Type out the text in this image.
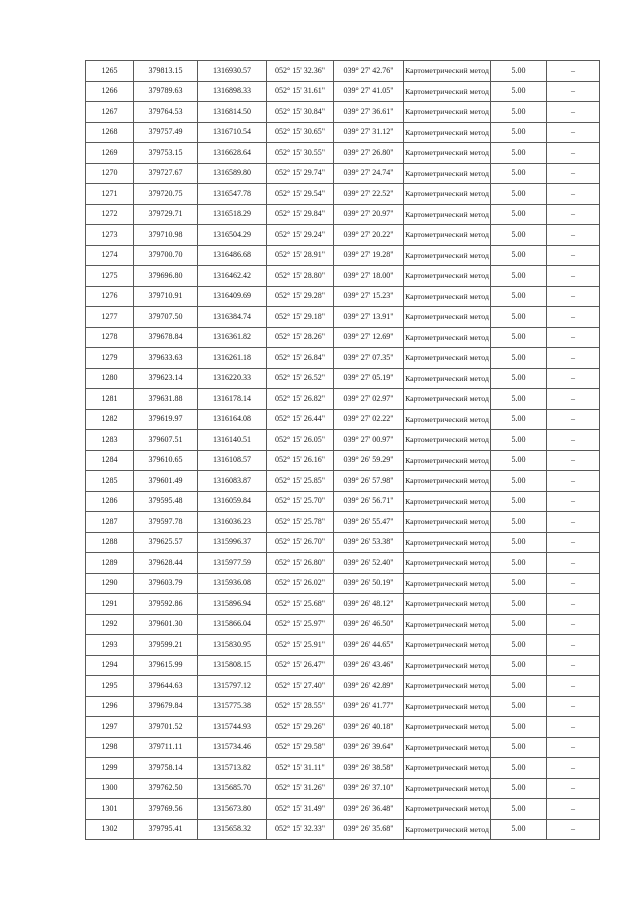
1265	379813.15	1316930.57	052° 15' 32.36"	039° 27' 42.76"	Картометрический метод	5.00	–
1266	379789.63	1316898.33	052° 15' 31.61"	039° 27' 41.05"	Картометрический метод	5.00	–
1267	379764.53	1316814.50	052° 15' 30.84"	039° 27' 36.61"	Картометрический метод	5.00	–
1268	379757.49	1316710.54	052° 15' 30.65"	039° 27' 31.12"	Картометрический метод	5.00	–
1269	379753.15	1316628.64	052° 15' 30.55"	039° 27' 26.80"	Картометрический метод	5.00	–
1270	379727.67	1316589.80	052° 15' 29.74"	039° 27' 24.74"	Картометрический метод	5.00	–
1271	379720.75	1316547.78	052° 15' 29.54"	039° 27' 22.52"	Картометрический метод	5.00	–
1272	379729.71	1316518.29	052° 15' 29.84"	039° 27' 20.97"	Картометрический метод	5.00	–
1273	379710.98	1316504.29	052° 15' 29.24"	039° 27' 20.22"	Картометрический метод	5.00	–
1274	379700.70	1316486.68	052° 15' 28.91"	039° 27' 19.28"	Картометрический метод	5.00	–
1275	379696.80	1316462.42	052° 15' 28.80"	039° 27' 18.00"	Картометрический метод	5.00	–
1276	379710.91	1316409.69	052° 15' 29.28"	039° 27' 15.23"	Картометрический метод	5.00	–
1277	379707.50	1316384.74	052° 15' 29.18"	039° 27' 13.91"	Картометрический метод	5.00	–
1278	379678.84	1316361.82	052° 15' 28.26"	039° 27' 12.69"	Картометрический метод	5.00	–
1279	379633.63	1316261.18	052° 15' 26.84"	039° 27' 07.35"	Картометрический метод	5.00	–
1280	379623.14	1316220.33	052° 15' 26.52"	039° 27' 05.19"	Картометрический метод	5.00	–
1281	379631.88	1316178.14	052° 15' 26.82"	039° 27' 02.97"	Картометрический метод	5.00	–
1282	379619.97	1316164.08	052° 15' 26.44"	039° 27' 02.22"	Картометрический метод	5.00	–
1283	379607.51	1316140.51	052° 15' 26.05"	039° 27' 00.97"	Картометрический метод	5.00	–
1284	379610.65	1316108.57	052° 15' 26.16"	039° 26' 59.29"	Картометрический метод	5.00	–
1285	379601.49	1316083.87	052° 15' 25.85"	039° 26' 57.98"	Картометрический метод	5.00	–
1286	379595.48	1316059.84	052° 15' 25.70"	039° 26' 56.71"	Картометрический метод	5.00	–
1287	379597.78	1316036.23	052° 15' 25.78"	039° 26' 55.47"	Картометрический метод	5.00	–
1288	379625.57	1315996.37	052° 15' 26.70"	039° 26' 53.38"	Картометрический метод	5.00	–
1289	379628.44	1315977.59	052° 15' 26.80"	039° 26' 52.40"	Картометрический метод	5.00	–
1290	379603.79	1315936.08	052° 15' 26.02"	039° 26' 50.19"	Картометрический метод	5.00	–
1291	379592.86	1315896.94	052° 15' 25.68"	039° 26' 48.12"	Картометрический метод	5.00	–
1292	379601.30	1315866.04	052° 15' 25.97"	039° 26' 46.50"	Картометрический метод	5.00	–
1293	379599.21	1315830.95	052° 15' 25.91"	039° 26' 44.65"	Картометрический метод	5.00	–
1294	379615.99	1315808.15	052° 15' 26.47"	039° 26' 43.46"	Картометрический метод	5.00	–
1295	379644.63	1315797.12	052° 15' 27.40"	039° 26' 42.89"	Картометрический метод	5.00	–
1296	379679.84	1315775.38	052° 15' 28.55"	039° 26' 41.77"	Картометрический метод	5.00	–
1297	379701.52	1315744.93	052° 15' 29.26"	039° 26' 40.18"	Картометрический метод	5.00	–
1298	379711.11	1315734.46	052° 15' 29.58"	039° 26' 39.64"	Картометрический метод	5.00	–
1299	379758.14	1315713.82	052° 15' 31.11"	039° 26' 38.58"	Картометрический метод	5.00	–
1300	379762.50	1315685.70	052° 15' 31.26"	039° 26' 37.10"	Картометрический метод	5.00	–
1301	379769.56	1315673.80	052° 15' 31.49"	039° 26' 36.48"	Картометрический метод	5.00	–
1302	379795.41	1315658.32	052° 15' 32.33"	039° 26' 35.68"	Картометрический метод	5.00	–
